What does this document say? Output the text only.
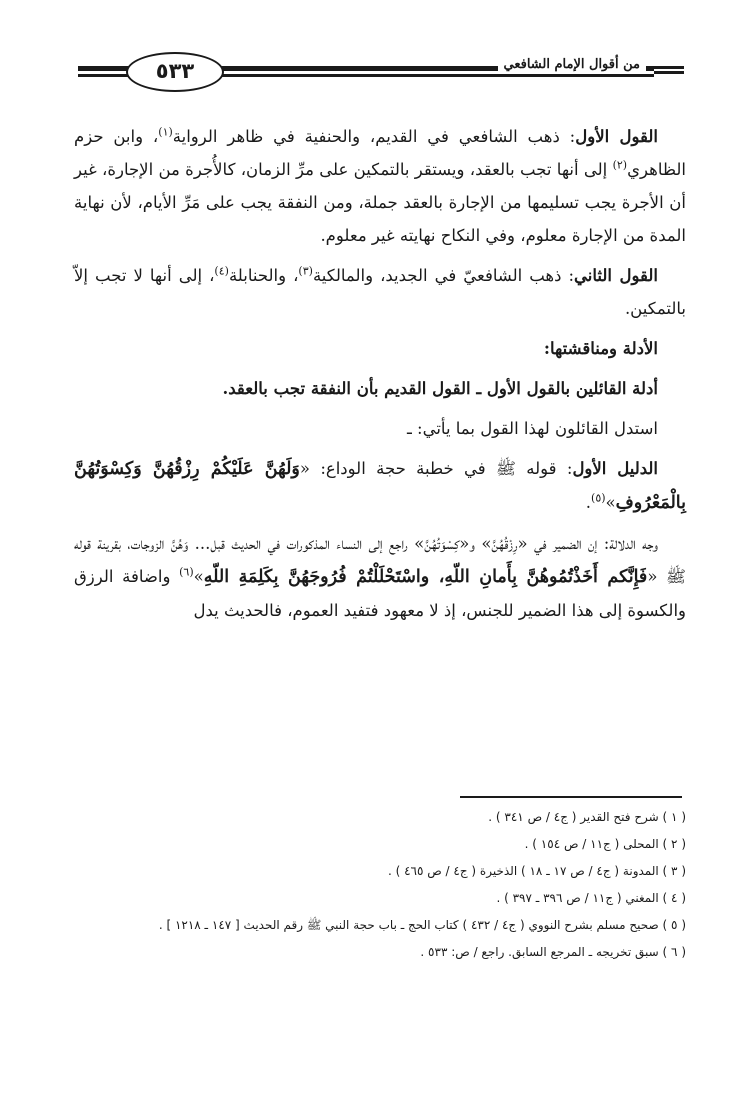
من أقوال الإمام الشافعي
٥٣٣

القول الأول: ذهب الشافعي في القديم، والحنفية في ظاهر الرواية$^{(١)}$، وابن حزم الظاهري$^{(٢)}$ إلى أنها تجب بالعقد، ويستقر بالتمكين على مرِّ الزمان، كالأُجرة من الإجارة، غير أن الأجرة يجب تسليمها من الإجارة بالعقد جملة، ومن النفقة يجب على مَرِّ الأيام، لأن نهاية المدة من الإجارة معلوم، وفي النكاح نهايته غير معلوم.

القول الثاني: ذهب الشافعيّ في الجديد، والمالكية$^{(٣)}$، والحنابلة$^{(٤)}$، إلى أنها لا تجب إلاّ بالتمكين.

الأدلة ومناقشتها:

أدلة القائلين بالقول الأول ـ القول القديم بأن النفقة تجب بالعقد.

استدل القائلون لهذا القول بما يأتي: ـ

الدليل الأول: قوله ﷺ في خطبة حجة الوداع: «وَلَهُنَّ عَلَيْكُمْ رِزْقُهُنَّ وَكِسْوَتُهُنَّ بِالْمَعْرُوفِ»$^{(٥)}$.

وجه الدلالة: إن الضمير في «رِزْقُهُنَّ» و«كِسْوَتُهُنَّ» راجع إلى النساء المذكورات في الحديث قبل... وَهُنَّ الزوجات، بقرينة قوله ﷺ «فَإِنَّكم أَخَذْتُمُوهُنَّ بِأَمانِ اللّهِ، واسْتَحْلَلْتُمْ فُرُوجَهُنَّ بِكَلِمَةِ اللّهِ»$^{(٦)}$ واضافة الرزق والكسوة إلى هذا الضمير للجنس، إذ لا معهود فتفيد العموم، فالحديث يدل

( ١ ) شرح فتح القدير ( ج٤ / ص ٣٤١ ) .
( ٢ ) المحلى ( ج١١ / ص ١٥٤ ) .
( ٣ ) المدونة ( ج٤ / ص ١٧ ـ ١٨ ) الذخيرة ( ج٤ / ص ٤٦٥ ) .
( ٤ ) المغني ( ج١١ / ص ٣٩٦ ـ ٣٩٧ ) .
( ٥ ) صحيح مسلم بشرح النووي ( ج٤ / ٤٣٢ ) كتاب الحج ـ باب حجة النبي ﷺ رقم الحديث [ ١٤٧ ـ ١٢١٨ ] .
( ٦ ) سبق تخريجه ـ المرجع السابق. راجع / ص: ٥٣٣ .
